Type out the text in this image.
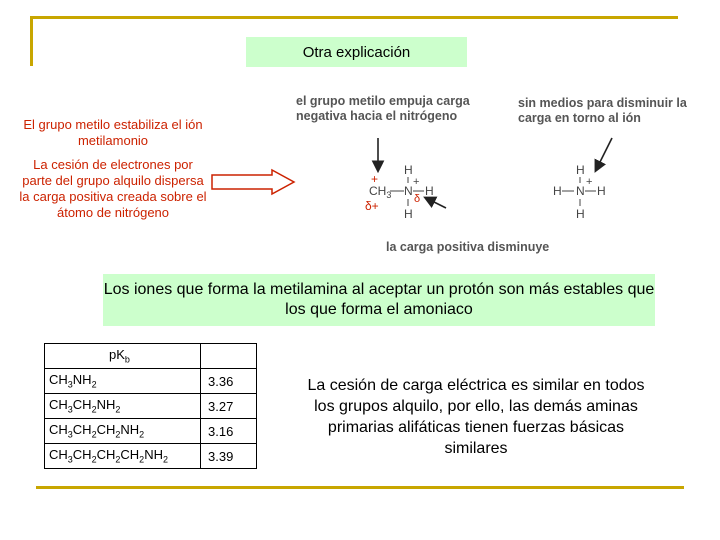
Otra explicación
El grupo metilo estabiliza el ión metilamonio
La cesión de electrones por parte del grupo alquilo dispersa la carga positiva creada sobre el átomo de nitrógeno
el grupo metilo empuja carga negativa hacia el nitrógeno
sin medios para disminuir la carga en torno al ión
la carga positiva disminuye
+
$CH_3$ N
+
δ
H
H
H
δ+
H
H N
+
H
H
Los iones que forma la metilamina al aceptar un protón son más estables que los que forma el amoniaco
$pK_b$	
$CH_3NH_2$	3.36
$CH_3CH_2NH_2$	3.27
$CH_3CH_2CH_2NH_2$	3.16
$CH_3CH_2CH_2CH_2NH_2$	3.39
La cesión de carga eléctrica es similar en todos los grupos alquilo, por ello, las demás aminas primarias alifáticas tienen fuerzas básicas similares
